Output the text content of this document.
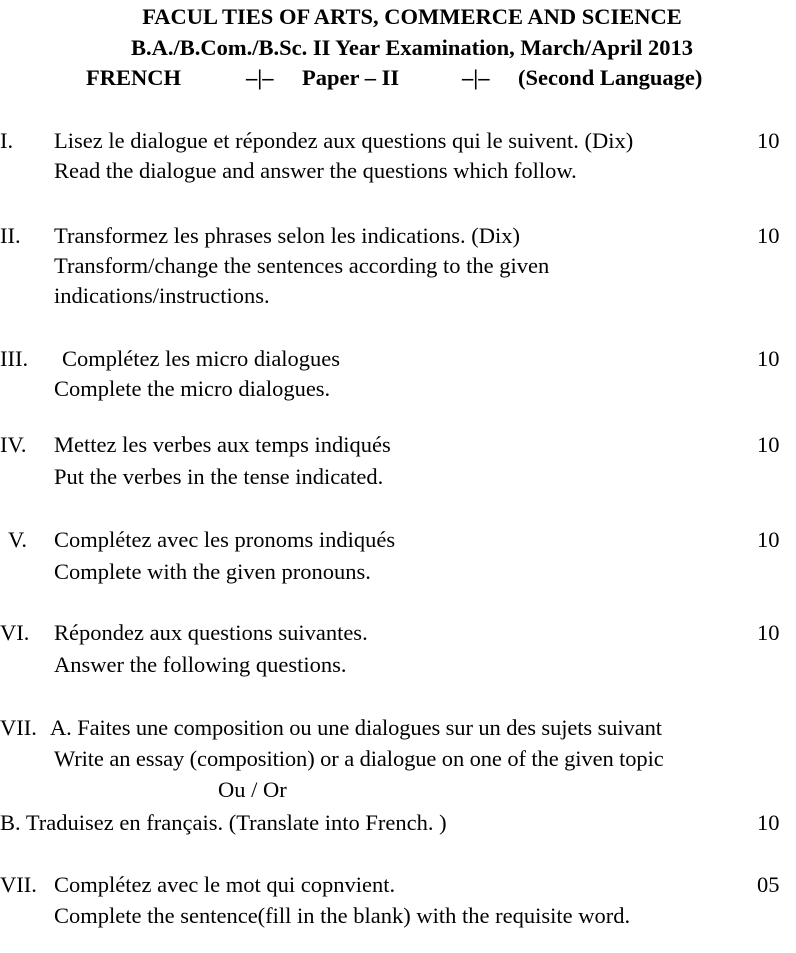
FACUL TIES OF ARTS, COMMERCE AND SCIENCE
B.A./B.Com./B.Sc. II Year Examination, March/April 2013
FRENCH	–|– Paper – II	–|– (Second Language)
I. Lisez le dialogue et répondez aux questions qui le suivent. (Dix)	10
Read the dialogue and answer the questions which follow.
II. Transformez les phrases selon les indications. (Dix)	10
Transform/change the sentences according to the given
indications/instructions.
III. Complétez les micro dialogues	10
Complete the micro dialogues.
IV. Mettez les verbes aux temps indiqués	10
Put the verbes in the tense indicated.
V. Complétez avec les pronoms indiqués	10
Complete with the given pronouns.
VI. Répondez aux questions suivantes.	10
Answer the following questions.
VII. A. Faites une composition ou une dialogues sur un des sujets suivant
Write an essay (composition) or a dialogue on one of the given topic
Ou / Or
B. Traduisez en français. (Translate into French. )	10
VII. Complétez avec le mot qui copnvient.	05
Complete the sentence(fill in the blank) with the requisite word.
